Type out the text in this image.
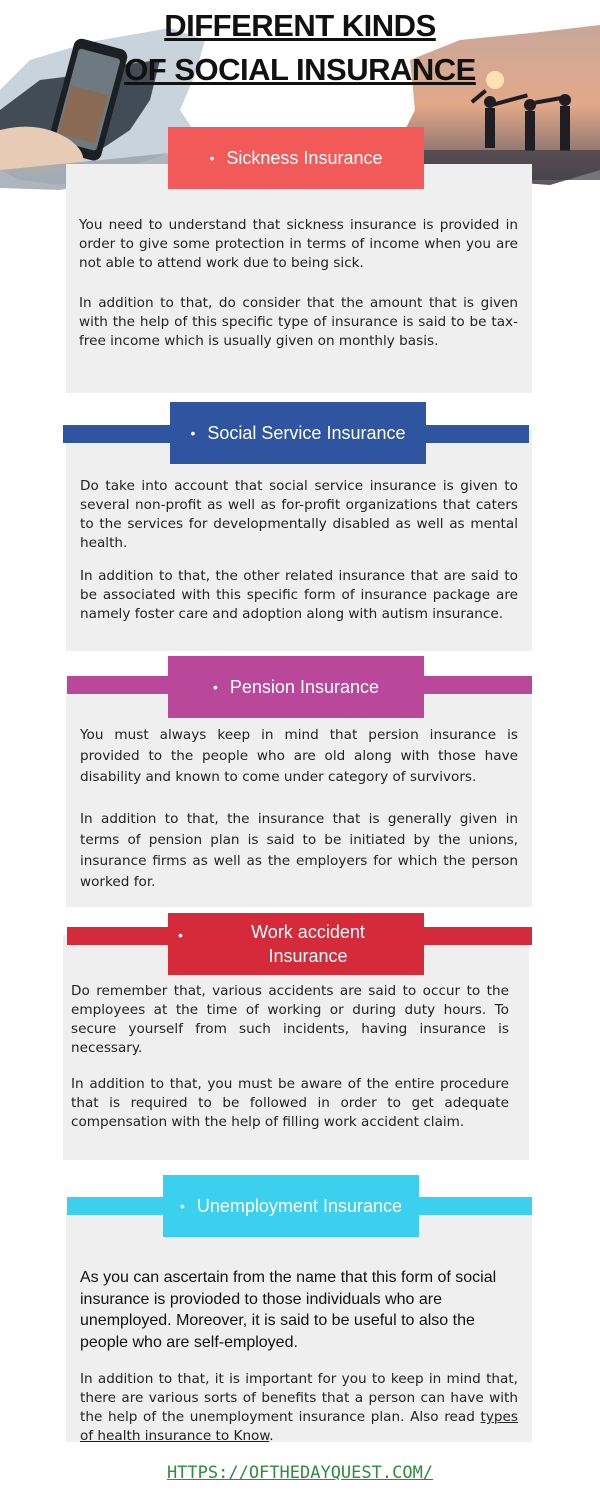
DIFFERENT KINDS
OF SOCIAL INSURANCE
• Sickness Insurance

You need to understand that sickness insurance is provided in order to give some protection in terms of income when you are not able to attend work due to being sick.

In addition to that, do consider that the amount that is given with the help of this specific type of insurance is said to be tax-free income which is usually given on monthly basis.

• Social Service Insurance

Do take into account that social service insurance is given to several non-profit as well as for-profit organizations that caters to the services for developmentally disabled as well as mental health.

In addition to that, the other related insurance that are said to be associated with this specific form of insurance package are namely foster care and adoption along with autism insurance.

• Pension Insurance

You must always keep in mind that persion insurance is provided to the people who are old along with those have disability and known to come under category of survivors.

In addition to that, the insurance that is generally given in terms of pension plan is said to be initiated by the unions, insurance firms as well as the employers for which the person worked for.

•	Work accident
Insurance

Do remember that, various accidents are said to occur to the employees at the time of working or during duty hours. To secure yourself from such incidents, having insurance is necessary.

In addition to that, you must be aware of the entire procedure that is required to be followed in order to get adequate compensation with the help of filling work accident claim.

• Unemployment Insurance

As you can ascertain from the name that this form of social insurance is provioded to those individuals who are unemployed. Moreover, it is said to be useful to also the people who are self-employed.

In addition to that, it is important for you to keep in mind that, there are various sorts of benefits that a person can have with the help of the unemployment insurance plan. Also read types of health insurance to Know.

HTTPS://OFTHEDAYQUEST.COM/
